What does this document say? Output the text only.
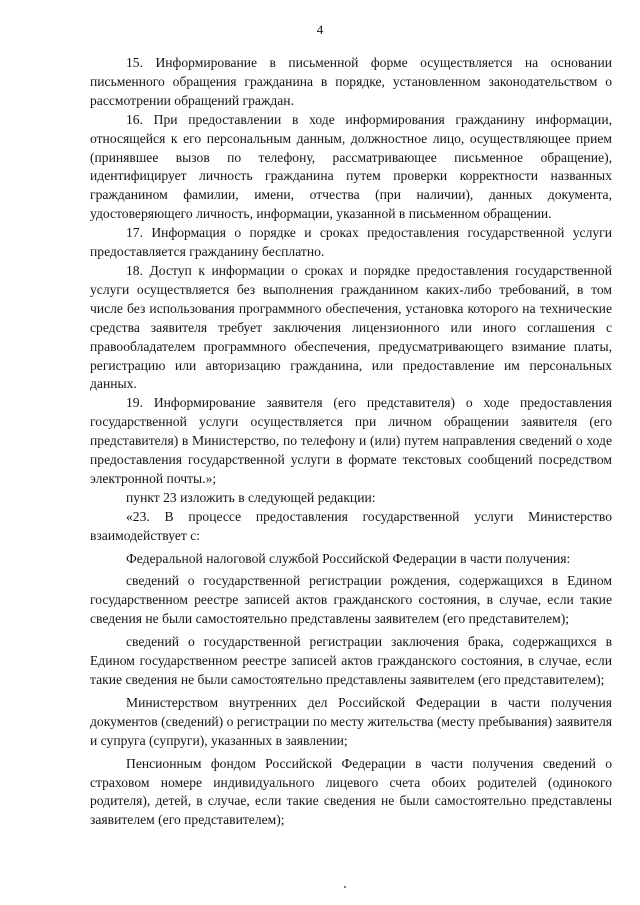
4

15. Информирование в письменной форме осуществляется на основании письменного обращения гражданина в порядке, установленном законодательством о рассмотрении обращений граждан.

16. При предоставлении в ходе информирования гражданину информации, относящейся к его персональным данным, должностное лицо, осуществляющее прием (принявшее вызов по телефону, рассматривающее письменное обращение), идентифицирует личность гражданина путем проверки корректности названных гражданином фамилии, имени, отчества (при наличии), данных документа, удостоверяющего личность, информации, указанной в письменном обращении.

17. Информация о порядке и сроках предоставления государственной услуги предоставляется гражданину бесплатно.

18. Доступ к информации о сроках и порядке предоставления государственной услуги осуществляется без выполнения гражданином каких-либо требований, в том числе без использования программного обеспечения, установка которого на технические средства заявителя требует заключения лицензионного или иного соглашения с правообладателем программного обеспечения, предусматривающего взимание платы, регистрацию или авторизацию гражданина, или предоставление им персональных данных.

19. Информирование заявителя (его представителя) о ходе предоставления государственной услуги осуществляется при личном обращении заявителя (его представителя) в Министерство, по телефону и (или) путем направления сведений о ходе предоставления государственной услуги в формате текстовых сообщений посредством электронной почты.»;

пункт 23 изложить в следующей редакции:

«23. В процессе предоставления государственной услуги Министерство взаимодействует с:

Федеральной налоговой службой Российской Федерации в части получения:

сведений о государственной регистрации рождения, содержащихся в Едином государственном реестре записей актов гражданского состояния, в случае, если такие сведения не были самостоятельно представлены заявителем (его представителем);

сведений о государственной регистрации заключения брака, содержащихся в Едином государственном реестре записей актов гражданского состояния, в случае, если такие сведения не были самостоятельно представлены заявителем (его представителем);

Министерством внутренних дел Российской Федерации в части получения документов (сведений) о регистрации по месту жительства (месту пребывания) заявителя и супруга (супруги), указанных в заявлении;

Пенсионным фондом Российской Федерации в части получения сведений о страховом номере индивидуального лицевого счета обоих родителей (одинокого родителя), детей, в случае, если такие сведения не были самостоятельно представлены заявителем (его представителем);
